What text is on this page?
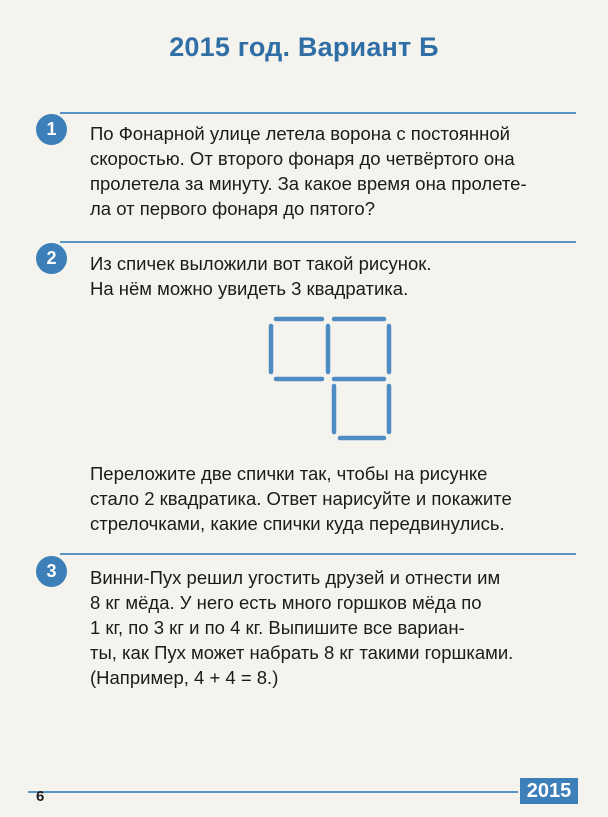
2015 год. Вариант Б
1	По Фонарной улице летела ворона с постоянной
скоростью. От второго фонаря до четвёртого она
пролетела за минуту. За какое время она пролете-
ла от первого фонаря до пятого?
2	Из спичек выложили вот такой рисунок.
На нём можно увидеть 3 квадратика.
Переложите две спички так, чтобы на рисунке
стало 2 квадратика. Ответ нарисуйте и покажите
стрелочками, какие спички куда передвинулись.
3	Винни-Пух решил угостить друзей и отнести им
8 кг мёда. У него есть много горшков мёда по
1 кг, по 3 кг и по 4 кг. Выпишите все вариан-
ты, как Пух может набрать 8 кг такими горшками.
(Например, 4 + 4 = 8.)
6	2015
